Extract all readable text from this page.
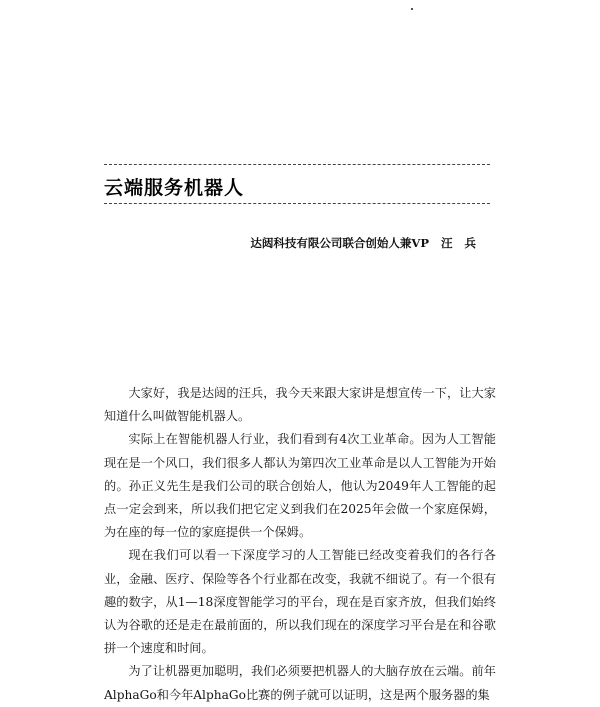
云端服务机器人
达闼科技有限公司联合创始人兼VP 汪兵

大家好，我是达闼的汪兵，我今天来跟大家讲是想宣传一下，让大家知道什么叫做智能机器人。

实际上在智能机器人行业，我们看到有4次工业革命。因为人工智能现在是一个风口，我们很多人都认为第四次工业革命是以人工智能为开始的。孙正义先生是我们公司的联合创始人，他认为2049年人工智能的起点一定会到来，所以我们把它定义到我们在2025年会做一个家庭保姆，为在座的每一位的家庭提供一个保姆。

现在我们可以看一下深度学习的人工智能已经改变着我们的各行各业，金融、医疗、保险等各个行业都在改变，我就不细说了。有一个很有趣的数字，从1—18深度智能学习的平台，现在是百家齐放，但我们始终认为谷歌的还是走在最前面的，所以我们现在的深度学习平台是在和谷歌拼一个速度和时间。

为了让机器更加聪明，我们必须要把机器人的大脑存放在云端。前年AlphaGo和今年AlphaGo比赛的例子就可以证明，这是两个服务器的集
